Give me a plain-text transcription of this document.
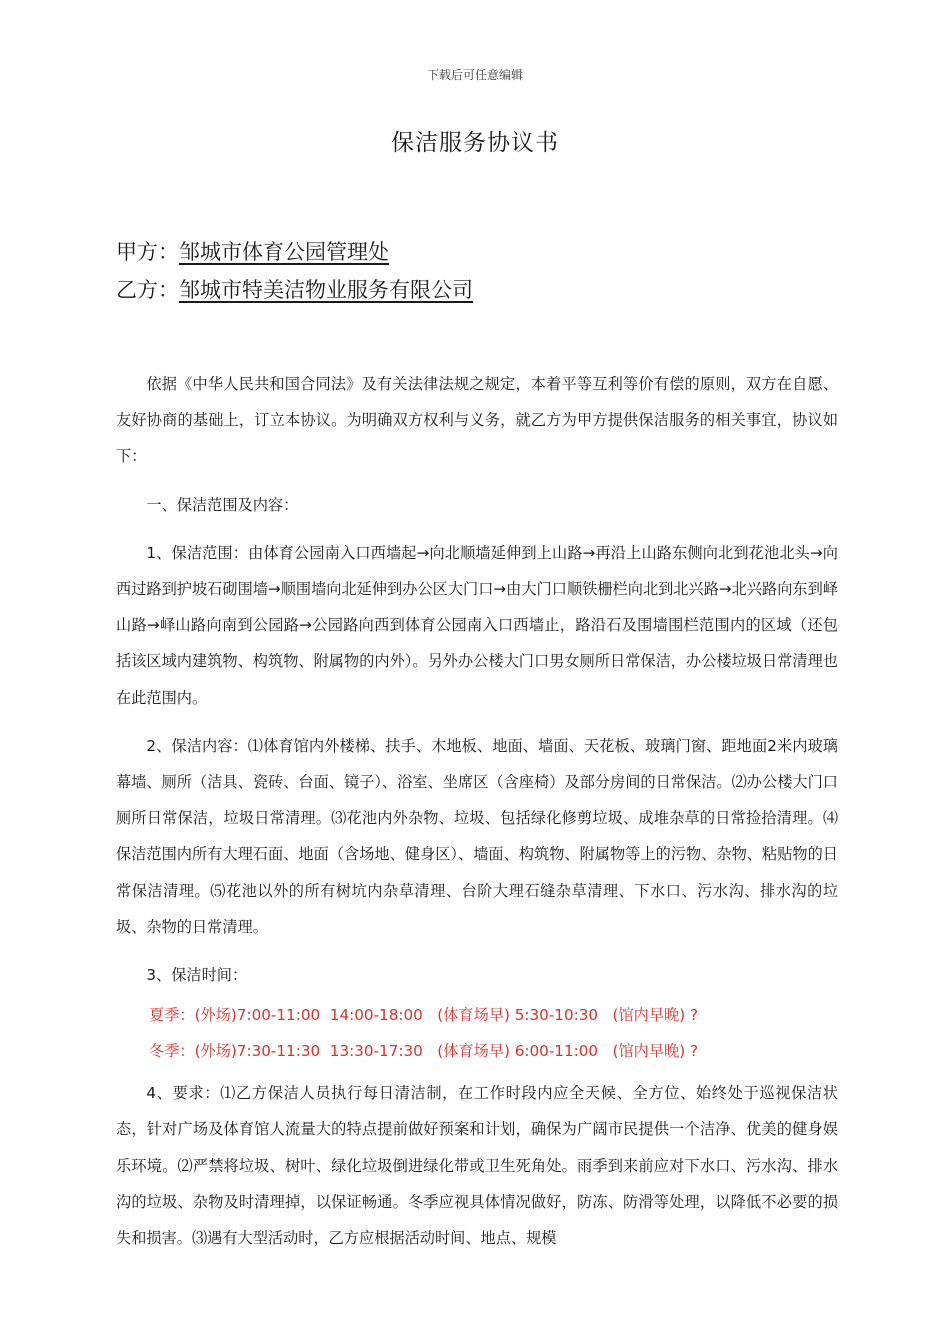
下载后可任意编辑
保洁服务协议书
甲方：邹城市体育公园管理处
乙方：邹城市特美洁物业服务有限公司

依据《中华人民共和国合同法》及有关法律法规之规定，本着平等互利等价有偿的原则，双方在自愿、友好协商的基础上，订立本协议。为明确双方权利与义务，就乙方为甲方提供保洁服务的相关事宜，协议如下：

一、保洁范围及内容：

1、保洁范围：由体育公园南入口西墙起→向北顺墙延伸到上山路→再沿上山路东侧向北到花池北头→向西过路到护坡石砌围墙→顺围墙向北延伸到办公区大门口→由大门口顺铁栅栏向北到北兴路→北兴路向东到峄山路→峄山路向南到公园路→公园路向西到体育公园南入口西墙止，路沿石及围墙围栏范围内的区域（还包括该区域内建筑物、构筑物、附属物的内外）。另外办公楼大门口男女厕所日常保洁，办公楼垃圾日常清理也在此范围内。

2、保洁内容：⑴体育馆内外楼梯、扶手、木地板、地面、墙面、天花板、玻璃门窗、距地面2米内玻璃幕墙、厕所（洁具、瓷砖、台面、镜子）、浴室、坐席区（含座椅）及部分房间的日常保洁。⑵办公楼大门口厕所日常保洁，垃圾日常清理。⑶花池内外杂物、垃圾、包括绿化修剪垃圾、成堆杂草的日常捡拾清理。⑷保洁范围内所有大理石面、地面（含场地、健身区）、墙面、构筑物、附属物等上的污物、杂物、粘贴物的日常保洁清理。⑸花池以外的所有树坑内杂草清理、台阶大理石缝杂草清理、下水口、污水沟、排水沟的垃圾、杂物的日常清理。

3、保洁时间：

夏季：(外场)7:00-11:00  14:00-18:00   (体育场早) 5:30-10:30   (馆内早晚) ?
冬季：(外场)7:30-11:30  13:30-17:30   (体育场早) 6:00-11:00   (馆内早晚) ?

4、要求：⑴乙方保洁人员执行每日清洁制，在工作时段内应全天候、全方位、始终处于巡视保洁状态，针对广场及体育馆人流量大的特点提前做好预案和计划，确保为广阔市民提供一个洁净、优美的健身娱乐环境。⑵严禁将垃圾、树叶、绿化垃圾倒进绿化带或卫生死角处。雨季到来前应对下水口、污水沟、排水沟的垃圾、杂物及时清理掉，以保证畅通。冬季应视具体情况做好，防冻、防滑等处理，以降低不必要的损失和损害。⑶遇有大型活动时，乙方应根据活动时间、地点、规模
